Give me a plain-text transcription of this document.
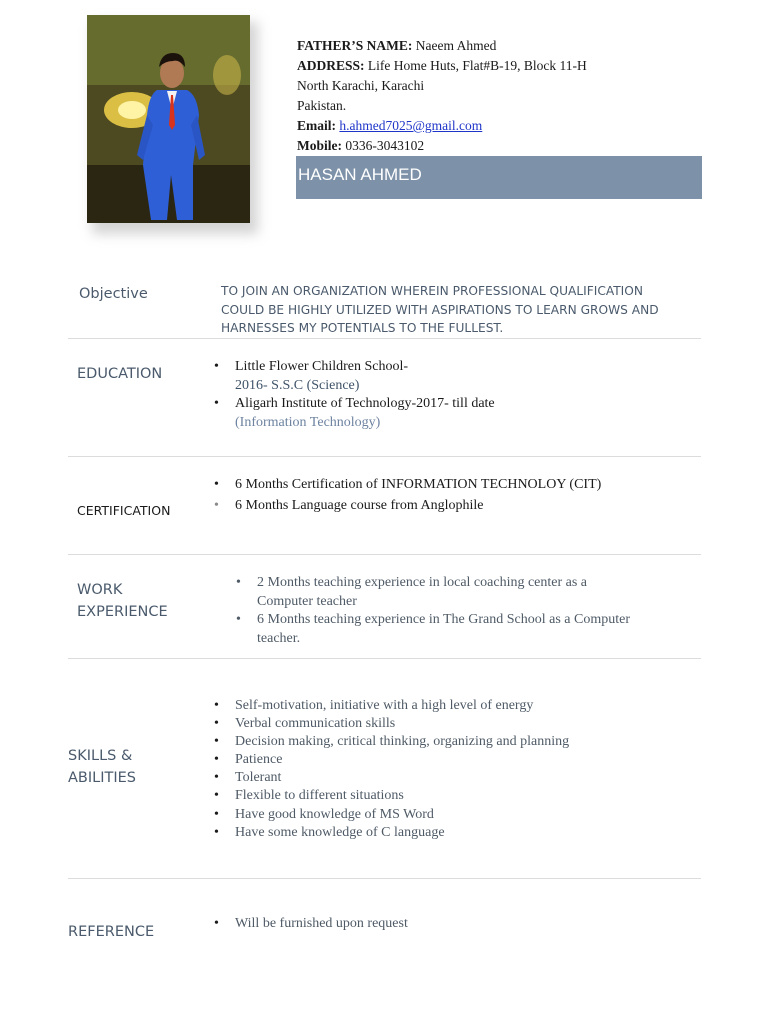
FATHER’S NAME: Naeem Ahmed
ADDRESS: Life Home Huts, Flat#B-19, Block 11-H
North Karachi, Karachi
Pakistan.
Email: h.ahmed7025@gmail.com
Mobile: 0336-3043102
HASAN AHMED
Objective	TO JOIN AN ORGANIZATION WHEREIN PROFESSIONAL QUALIFICATION
COULD BE HIGHLY UTILIZED WITH ASPIRATIONS TO LEARN GROWS AND
HARNESSES MY POTENTIALS TO THE FULLEST.
EDUCATION
•	Little Flower Children School-
2016- S.S.C (Science)
• Aligarh Institute of Technology-2017- till date
(Information Technology)
CERTIFICATION
• 6 Months Certification of INFORMATION TECHNOLOY (CIT)
• 6 Months Language course from Anglophile
WORK
EXPERIENCE
• 2 Months teaching experience in local coaching center as a
Computer teacher
• 6 Months teaching experience in The Grand School as a Computer
teacher.
SKILLS &
ABILITIES
• Self-motivation, initiative with a high level of energy
• Verbal communication skills
• Decision making, critical thinking, organizing and planning
• Patience
• Tolerant
• Flexible to different situations
• Have good knowledge of MS Word
• Have some knowledge of C language
REFERENCE
• Will be furnished upon request
